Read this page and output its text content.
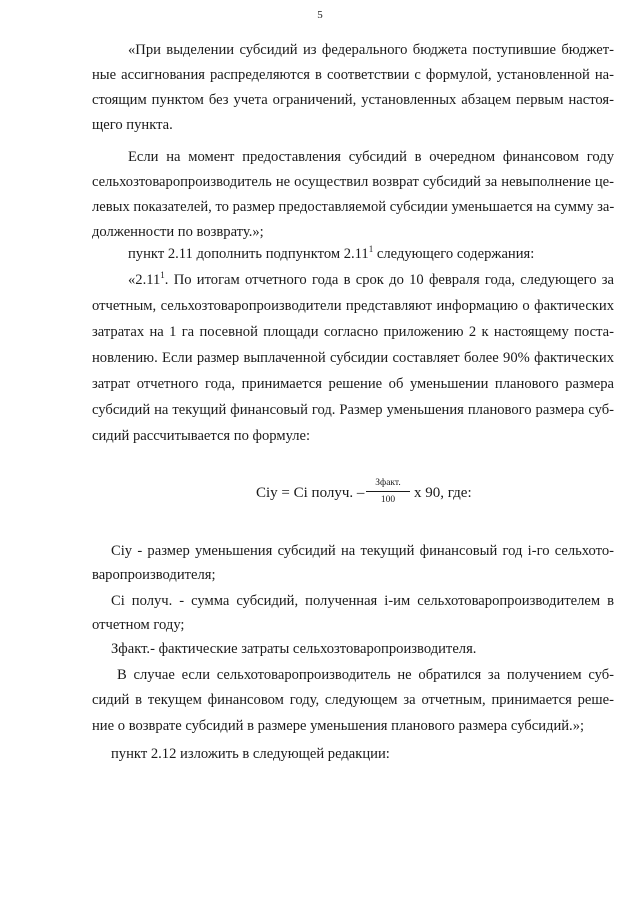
5
«При выделении субсидий из федерального бюджета поступившие бюджет-
ные ассигнования распределяются в соответствии с формулой, установленной на-
стоящим пунктом без учета ограничений, установленных абзацем первым настоя-
щего пункта.
Если на момент предоставления субсидий в очередном финансовом году
сельхозтоваропроизводитель не осуществил возврат субсидий за невыполнение це-
левых показателей, то размер предоставляемой субсидии уменьшается на сумму за-
долженности по возврату.»;
пункт 2.11 дополнить подпунктом 2.11$^1$ следующего содержания:
«2.11$^1$. По итогам отчетного года в срок до 10 февраля года, следующего за
отчетным, сельхозтоваропроизводители представляют информацию о фактических
затратах на 1 га посевной площади согласно приложению 2 к настоящему поста-
новлению. Если размер выплаченной субсидии составляет более 90% фактических
затрат отчетного года, принимается решение об уменьшении планового размера
субсидий на текущий финансовый год. Размер уменьшения планового размера суб-
сидий рассчитывается по формуле:
Сiу = Сi получ. –
Зфакт.
100	х 90, где:
Сiу - размер уменьшения субсидий на текущий финансовый год i-го сельхото-
варопроизводителя;
Сi получ. - сумма субсидий, полученная i-им сельхотоваропроизводителем в
отчетном году;
Зфакт.- фактические затраты сельхозтоваропроизводителя.
В случае если сельхотоваропроизводитель не обратился за получением суб-
сидий в текущем финансовом году, следующем за отчетным, принимается реше-
ние о возврате субсидий в размере уменьшения планового размера субсидий.»;
пункт 2.12 изложить в следующей редакции:
